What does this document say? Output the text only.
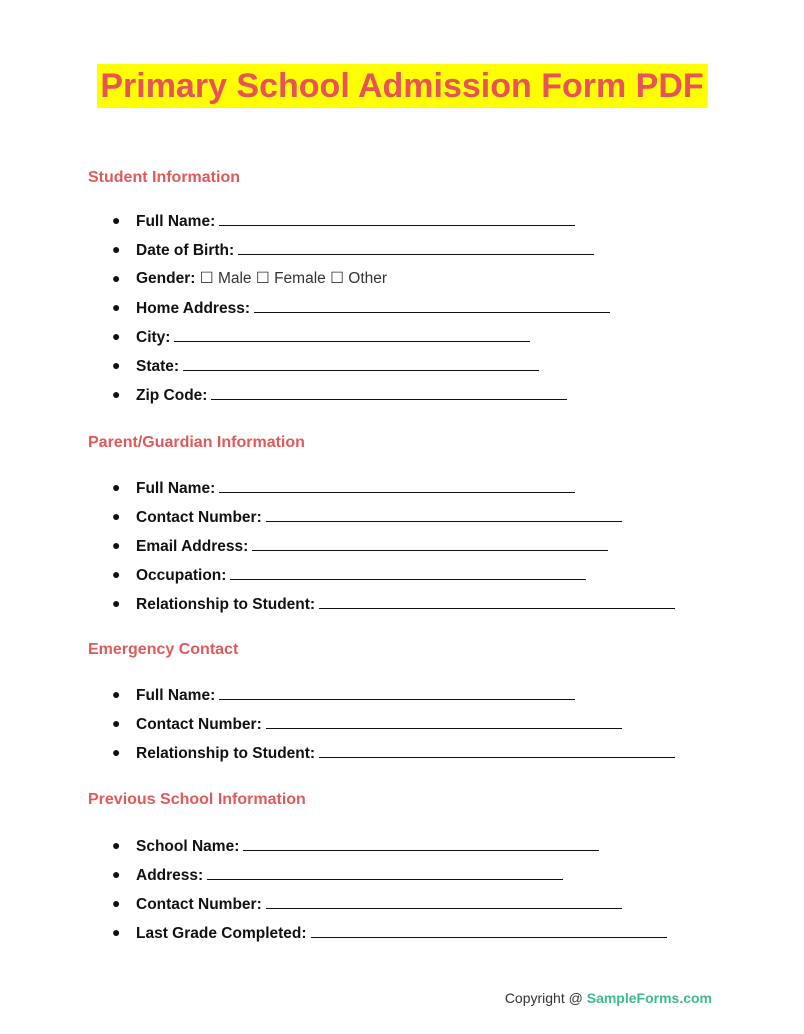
Primary School Admission Form PDF
Student Information
● Full Name:
● Date of Birth:
● Gender: ☐ Male ☐ Female ☐ Other
● Home Address:
● City:
● State:
● Zip Code:
Parent/Guardian Information
● Full Name:
● Contact Number:
● Email Address:
● Occupation:
● Relationship to Student:
Emergency Contact
● Full Name:
● Contact Number:
● Relationship to Student:
Previous School Information
● School Name:
● Address:
● Contact Number:
● Last Grade Completed:
Copyright @ SampleForms.com
